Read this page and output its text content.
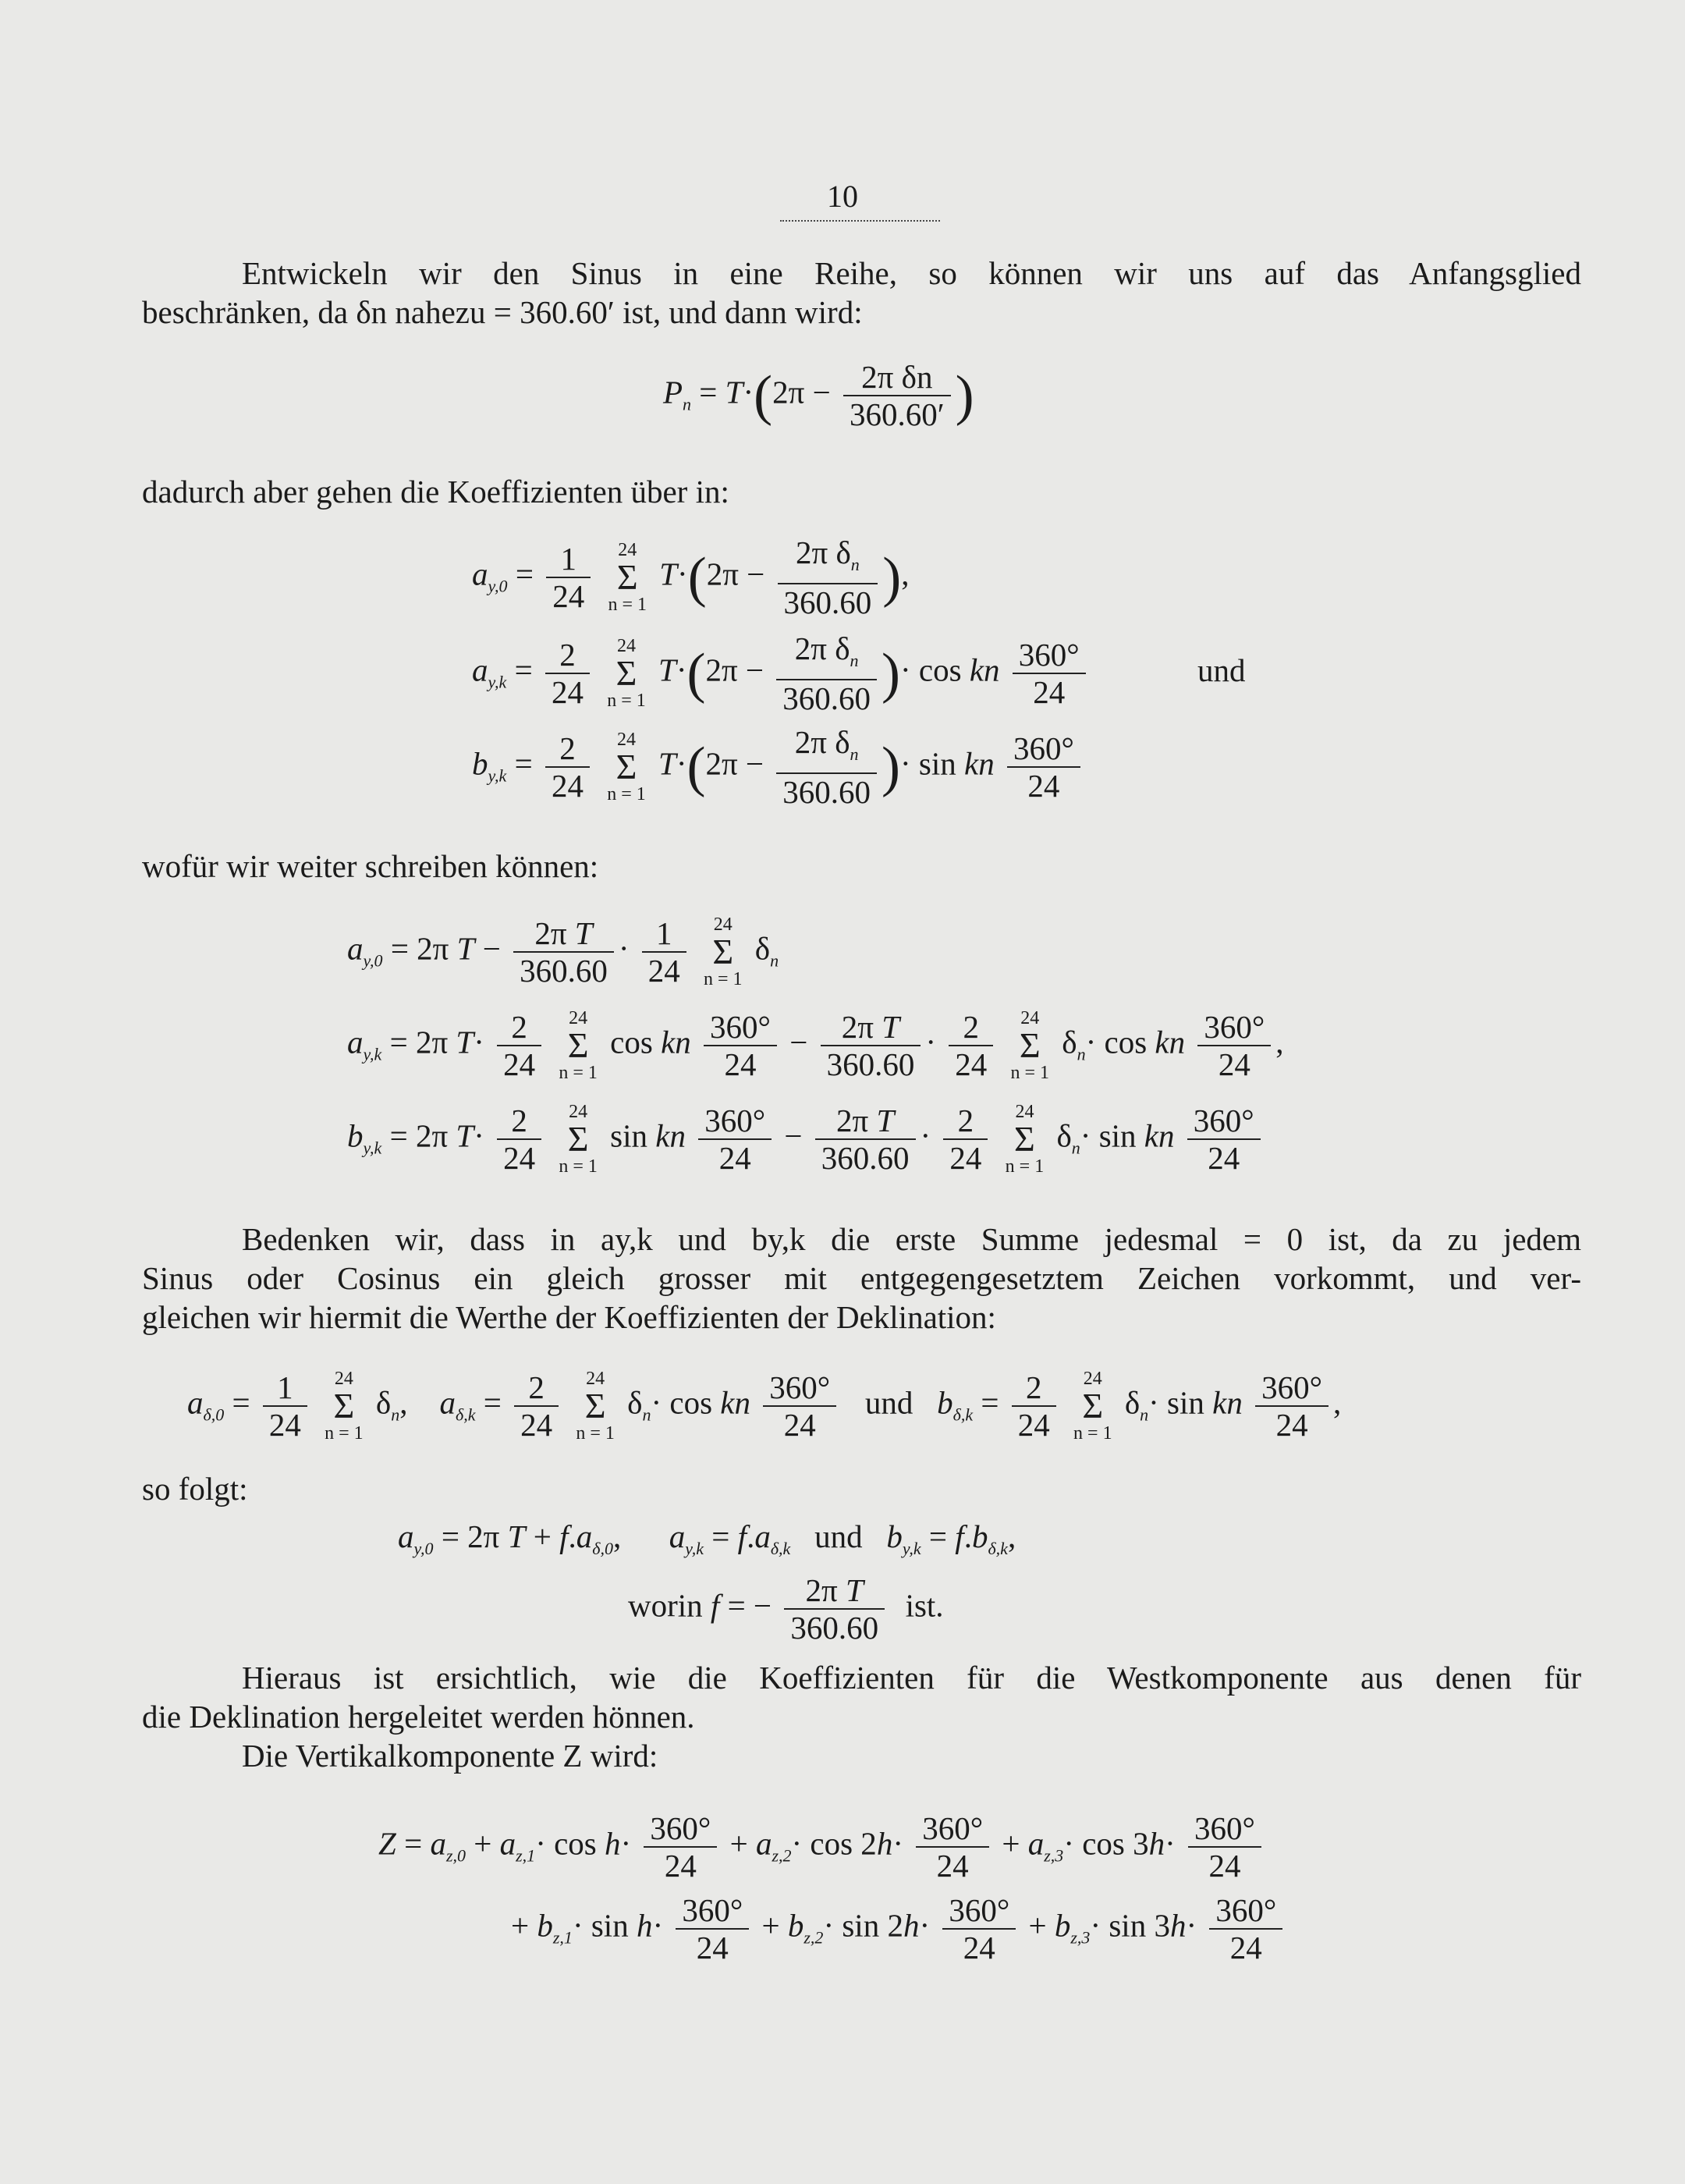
10
Entwickeln wir den Sinus in eine Reihe, so können wir uns auf das Anfangsglied
beschränken, da δn nahezu = 360.60′ ist, und dann wird:
$P_n = T\cdot(2\pi - \frac{\text{2π δn}}{360.60'}$ )
dadurch aber gehen die Koeffizienten über in:
$a_{y,0} = \frac{1}{24}$
	24
Σ
n = 1
$T\cdot(2\pi - \frac{2\pi \delta_n}{360.60}$ ),
$a_{y,k} = \frac{2}{24}$
	24
Σ
n = 1
$T\cdot(2\pi - \frac{2\pi \delta_n}{360.60}$ )· cos kn $\frac{360^\circ}{24}$	und
$b_{y,k} = \frac{2}{24}$
	24
Σ
n = 1
$T\cdot(2\pi - \frac{2\pi \delta_n}{360.60}$ )· sin kn $\frac{360^\circ}{24}$
wofür wir weiter schreiben können:
$a_{y,0} = 2\pi$ $T - \frac{\text{2π T}}{360.60} \cdot \frac{1}{24}$
	24
Σ
n = 1
$\delta_n$
$a_{y,k} = 2\pi$ $T\cdot \frac{2}{24}$
	24
Σ
n = 1
cos kn $\frac{360^\circ}{24} - \frac{\text{2π T}}{360.60} \cdot \frac{2}{24}$
	24
Σ
n = 1
$\delta_n\cdot \cos$ kn $\frac{360^\circ}{24}$ ,
$b_{y,k} = 2\pi$ $T\cdot \frac{2}{24}$
	24
Σ
n = 1
sin kn $\frac{360^\circ}{24} - \frac{\text{2π T}}{360.60} \cdot \frac{2}{24}$
	24
Σ
n = 1
$\delta_n\cdot \sin$ kn $\frac{360^\circ}{24}$
Bedenken wir, dass in ay,k und by,k die erste Summe jedesmal = 0 ist, da zu jedem
Sinus oder Cosinus ein gleich grosser mit entgegengesetztem Zeichen vorkommt, und ver-
gleichen wir hiermit die Werthe der Koeffizienten der Deklination:
$a_{\delta,0} = \frac{1}{24}$
	24
Σ
n = 1
$\delta_n$,    $a_{\delta,k} = \frac{2}{24}$
	24
Σ
n = 1
$\delta_n\cdot \cos$ kn $\frac{360^\circ}{24}$ und   $b_{\delta,k} = \frac{2}{24}$
	24
Σ
n = 1
$\delta_n\cdot \sin$ kn $\frac{360^\circ}{24}$ ,
so folgt:
$a_{y,0} = 2\pi$ $T + f.a_{\delta,0}$,      $a_{y,k} = f.a_{\delta,k}$   und   $b_{y,k} = f.b_{\delta,k}$,
worin f = − $\frac{\text{2π T}}{360.60}$ ist.
Hieraus ist ersichtlich, wie die Koeffizienten für die Westkomponente aus denen für
die Deklination hergeleitet werden hönnen.
Die Vertikalkomponente Z wird:
$Z = a_{z,0} + a_{z,1}\cdot \cos h\cdot \frac{360^\circ}{24} + a_{z,2}\cdot \cos 2h\cdot \frac{360^\circ}{24} + a_{z,3}\cdot \cos 3h\cdot \frac{360^\circ}{24}$
+ $b_{z,1}\cdot \sin h\cdot \frac{360^\circ}{24} + b_{z,2}\cdot \sin 2h\cdot \frac{360^\circ}{24} + b_{z,3}\cdot \sin 3h\cdot \frac{360^\circ}{24}$
